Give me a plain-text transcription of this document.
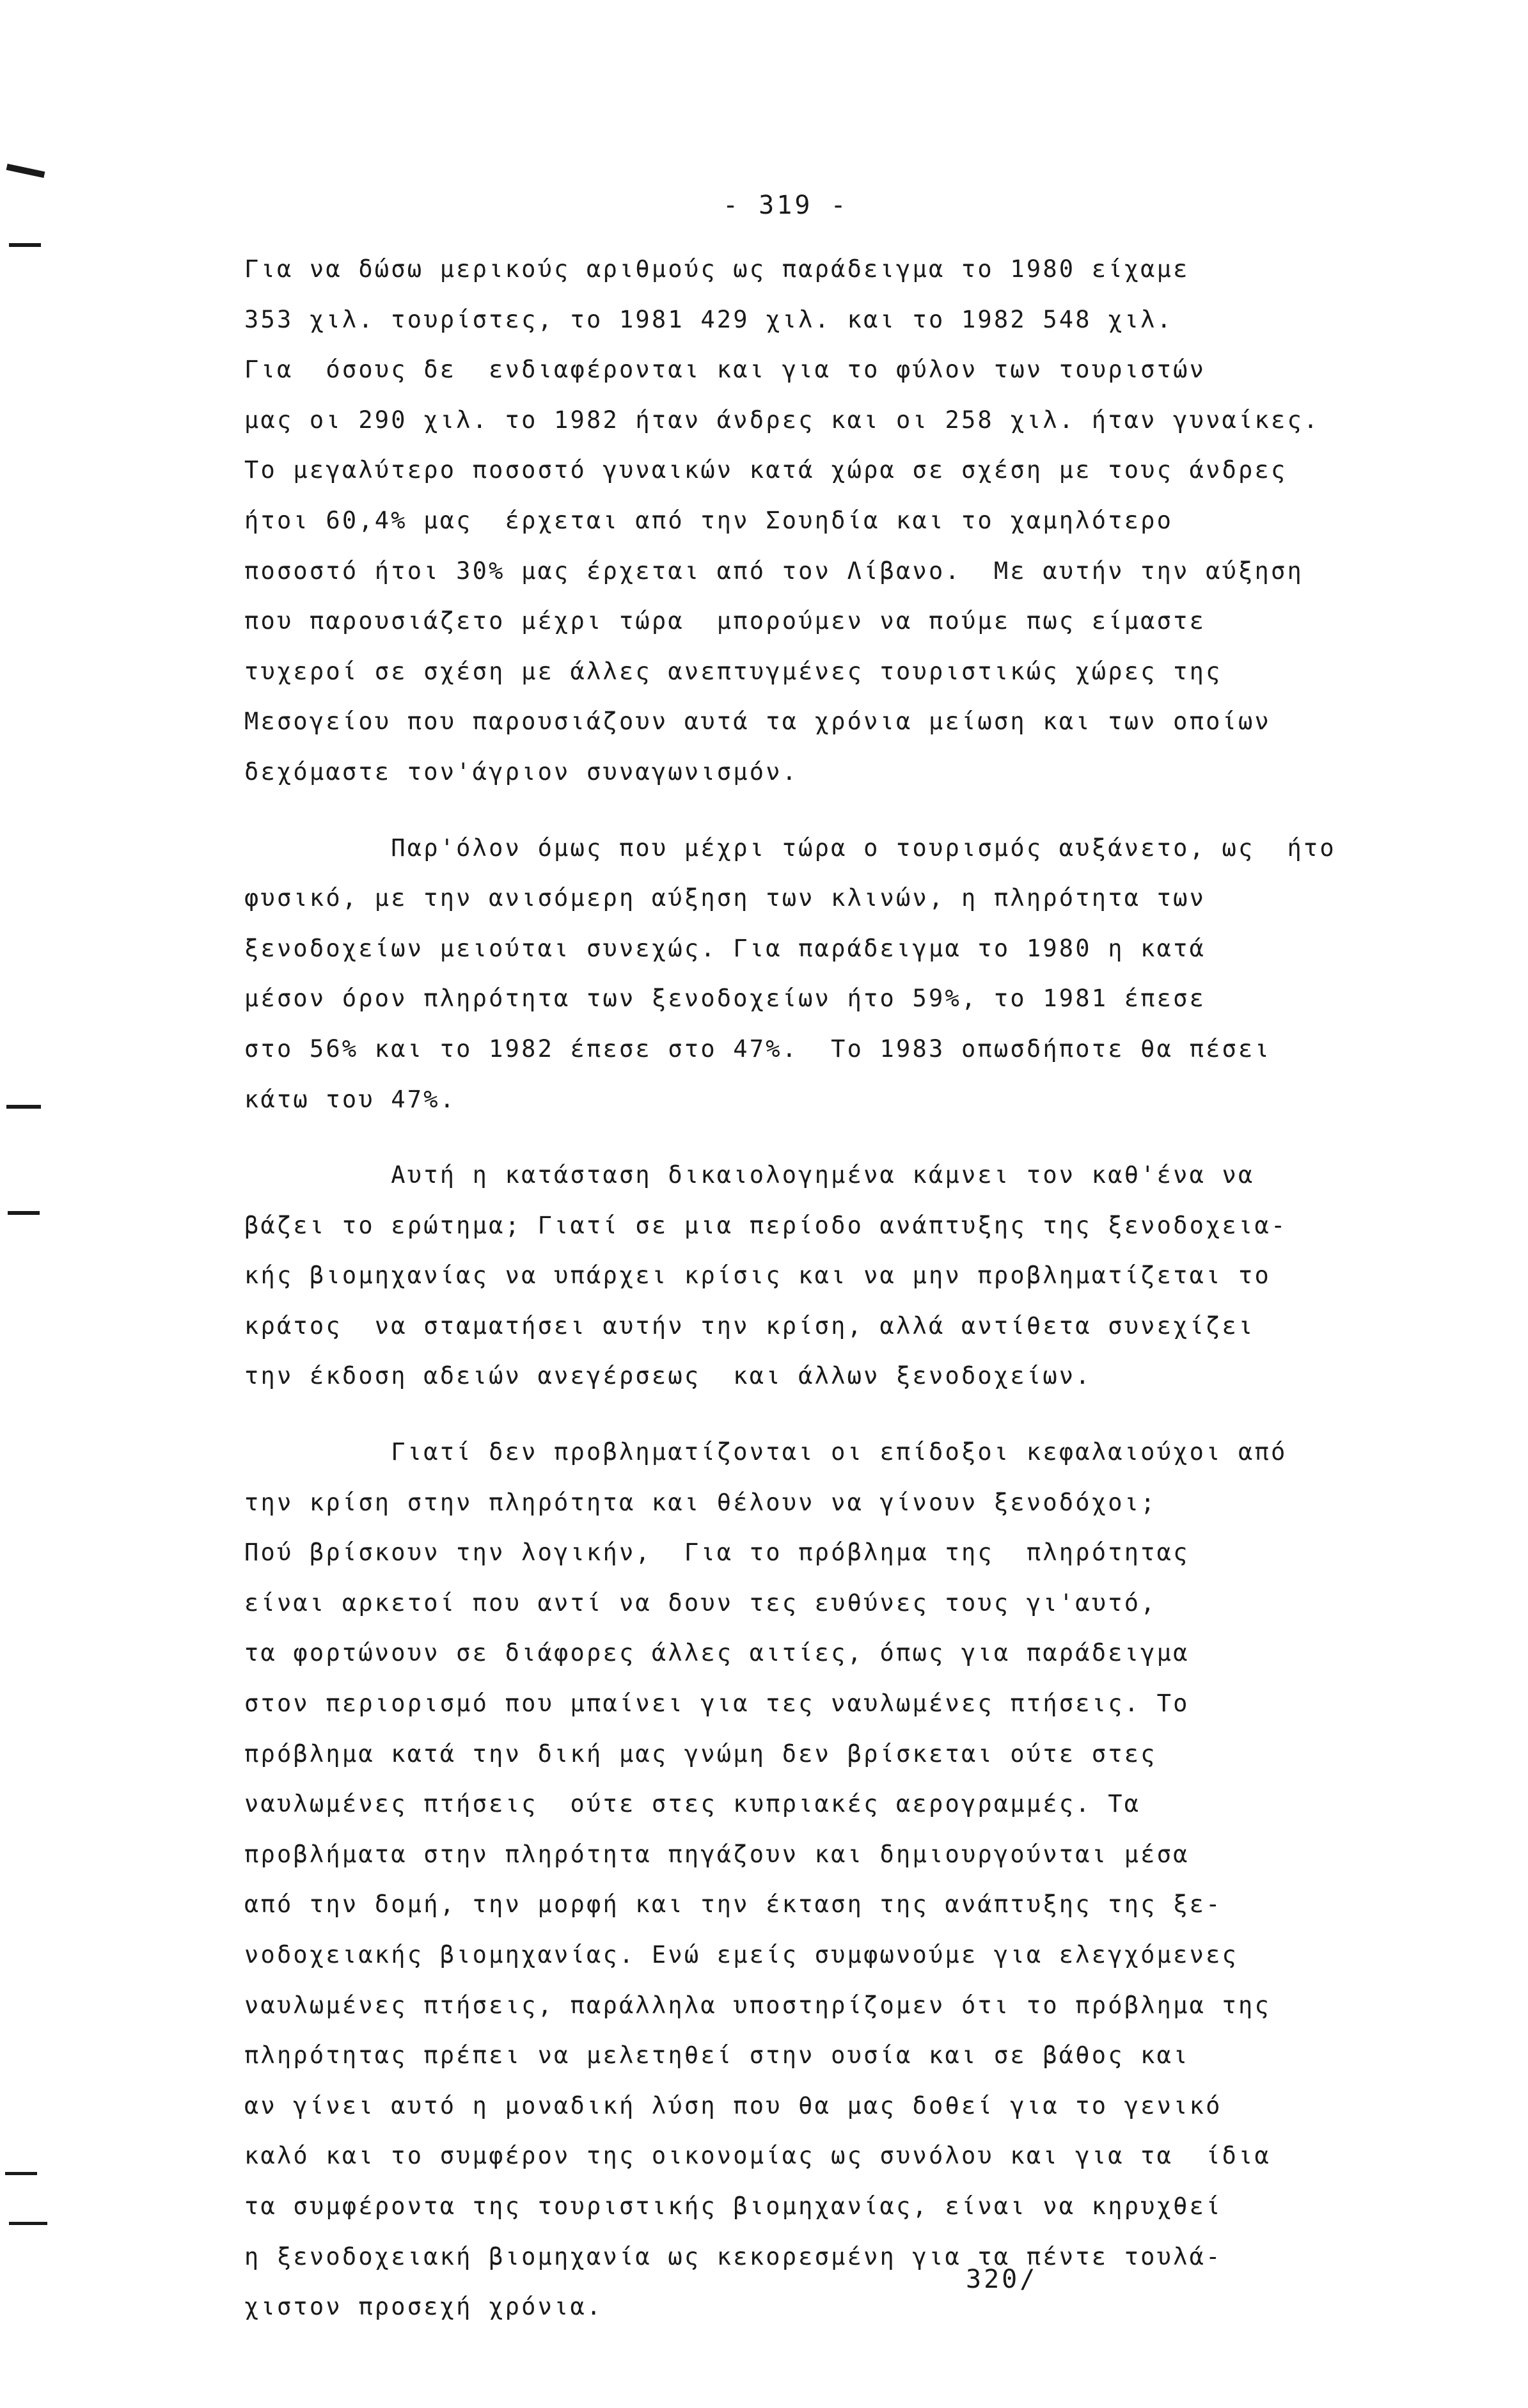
- 319 -
Για να δώσω μερικούς αριθμούς ως παράδειγμα το 1980 είχαμε
353 χιλ. τουρίστες, το 1981 429 χιλ. και το 1982 548 χιλ.
Για  όσους δε  ενδιαφέρονται και για το φύλον των τουριστών
μας οι 290 χιλ. το 1982 ήταν άνδρες και οι 258 χιλ. ήταν γυναίκες.
Το μεγαλύτερο ποσοστό γυναικών κατά χώρα σε σχέση με τους άνδρες
ήτοι 60,4% μας  έρχεται από την Σουηδία και το χαμηλότερο
ποσοστό ήτοι 30% μας έρχεται από τον Λίβανο.  Με αυτήν την αύξηση
που παρουσιάζετο μέχρι τώρα  μπορούμεν να πούμε πως είμαστε
τυχεροί σε σχέση με άλλες ανεπτυγμένες τουριστικώς χώρες της
Μεσογείου που παρουσιάζουν αυτά τα χρόνια μείωση και των οποίων
δεχόμαστε τον'άγριον συναγωνισμόν.
Παρ'όλον όμως που μέχρι τώρα ο τουρισμός αυξάνετο, ως  ήτο
φυσικό, με την ανισόμερη αύξηση των κλινών, η πληρότητα των
ξενοδοχείων μειούται συνεχώς. Για παράδειγμα το 1980 η κατά
μέσον όρον πληρότητα των ξενοδοχείων ήτο 59%, το 1981 έπεσε
στο 56% και το 1982 έπεσε στο 47%.  Το 1983 οπωσδήποτε θα πέσει
κάτω του 47%.
Αυτή η κατάσταση δικαιολογημένα κάμνει τον καθ'ένα να
βάζει το ερώτημα; Γιατί σε μια περίοδο ανάπτυξης της ξενοδοχεια-
κής βιομηχανίας να υπάρχει κρίσις και να μην προβληματίζεται το
κράτος  να σταματήσει αυτήν την κρίση, αλλά αντίθετα συνεχίζει
την έκδοση αδειών ανεγέρσεως  και άλλων ξενοδοχείων.
Γιατί δεν προβληματίζονται οι επίδοξοι κεφαλαιούχοι από
την κρίση στην πληρότητα και θέλουν να γίνουν ξενοδόχοι;
Πού βρίσκουν την λογικήν,  Για το πρόβλημα της  πληρότητας
είναι αρκετοί που αντί να δουν τες ευθύνες τους γι'αυτό,
τα φορτώνουν σε διάφορες άλλες αιτίες, όπως για παράδειγμα
στον περιορισμό που μπαίνει για τες ναυλωμένες πτήσεις. Το
πρόβλημα κατά την δική μας γνώμη δεν βρίσκεται ούτε στες
ναυλωμένες πτήσεις  ούτε στες κυπριακές αερογραμμές. Τα
προβλήματα στην πληρότητα πηγάζουν και δημιουργούνται μέσα
από την δομή, την μορφή και την έκταση της ανάπτυξης της ξε-
νοδοχειακής βιομηχανίας. Ενώ εμείς συμφωνούμε για ελεγχόμενες
ναυλωμένες πτήσεις, παράλληλα υποστηρίζομεν ότι το πρόβλημα της
πληρότητας πρέπει να μελετηθεί στην ουσία και σε βάθος και
αν γίνει αυτό η μοναδική λύση που θα μας δοθεί για το γενικό
καλό και το συμφέρον της οικονομίας ως συνόλου και για τα  ίδια
τα συμφέροντα της τουριστικής βιομηχανίας, είναι να κηρυχθεί
η ξενοδοχειακή βιομηχανία ως κεκορεσμένη για τα πέντε τουλά-
χιστον προσεχή χρόνια.
320/
